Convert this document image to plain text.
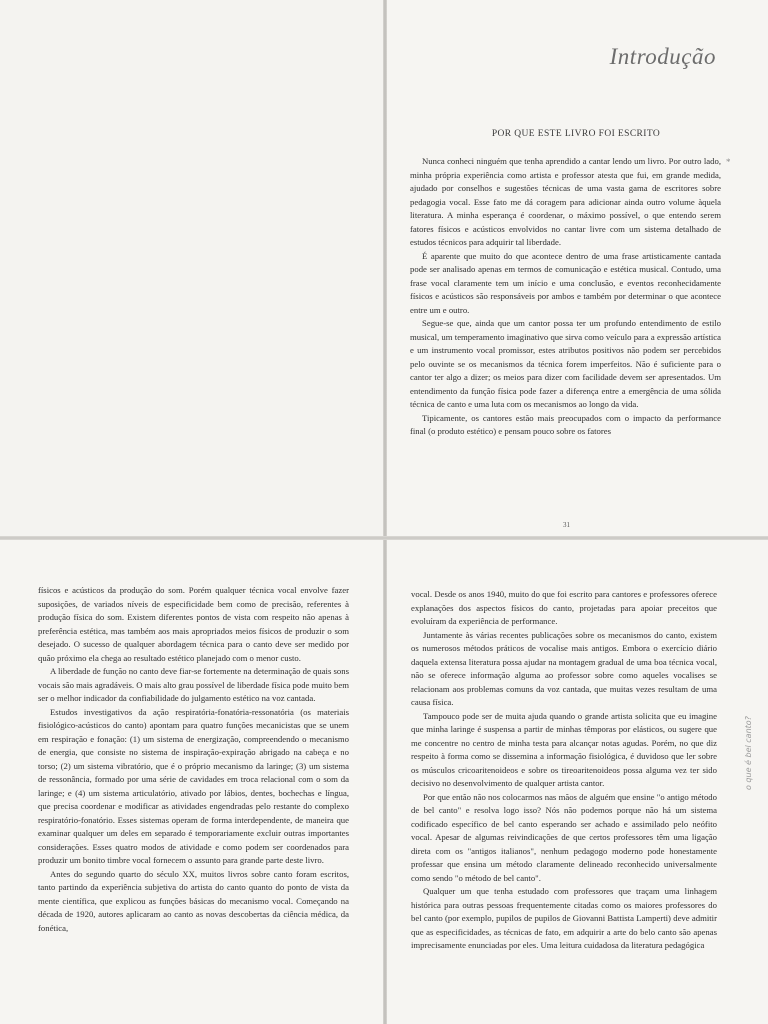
Introdução
POR QUE ESTE LIVRO FOI ESCRITO

Nunca conheci ninguém que tenha aprendido a cantar lendo um livro. Por outro lado, minha própria experiência como artista e professor atesta que fui, em grande medida, ajudado por conselhos e sugestões técnicas de uma vasta gama de escritores sobre pedagogia vocal. Esse fato me dá coragem para adicionar ainda outro volume àquela literatura. A minha esperança é coordenar, o máximo possível, o que entendo serem fatores físicos e acústicos envolvidos no cantar livre com um sistema detalhado de estudos técnicos para adquirir tal liberdade.

É aparente que muito do que acontece dentro de uma frase artisticamente cantada pode ser analisado apenas em termos de comunicação e estética musical. Contudo, uma frase vocal claramente tem um início e uma conclusão, e eventos reconhecidamente físicos e acústicos são responsáveis por ambos e também por determinar o que acontece entre um e outro.

Segue-se que, ainda que um cantor possa ter um profundo entendimento de estilo musical, um temperamento imaginativo que sirva como veículo para a expressão artística e um instrumento vocal promissor, estes atributos positivos não podem ser percebidos pelo ouvinte se os mecanismos da técnica forem imperfeitos. Não é suficiente para o cantor ter algo a dizer; os meios para dizer com facilidade devem ser apresentados. Um entendimento da função física pode fazer a diferença entre a emergência de uma sólida técnica de canto e uma luta com os mecanismos ao longo da vida.

Tipicamente, os cantores estão mais preocupados com o impacto da performance final (o produto estético) e pensam pouco sobre os fatores

físicos e acústicos da produção do som. Porém qualquer técnica vocal envolve fazer suposições, de variados níveis de especificidade bem como de precisão, referentes à produção física do som. Existem diferentes pontos de vista com respeito não apenas à preferência estética, mas também aos mais apropriados meios físicos de produzir o som desejado. O sucesso de qualquer abordagem técnica para o canto deve ser medido por quão próximo ela chega ao resultado estético planejado com o menor custo.

A liberdade de função no canto deve fiar-se fortemente na determinação de quais sons vocais são mais agradáveis. O mais alto grau possível de liberdade física pode muito bem ser o melhor indicador da confiabilidade do julgamento estético na voz cantada.

Estudos investigativos da ação respiratória-fonatória-ressonatória (os materiais fisiológico-acústicos do canto) apontam para quatro funções mecanicistas que se unem em respiração e fonação: (1) um sistema de energização, compreendendo o mecanismo de energia, que consiste no sistema de inspiração-expiração abrigado na cabeça e no torso; (2) um sistema vibratório, que é o próprio mecanismo da laringe; (3) um sistema de ressonância, formado por uma série de cavidades em troca relacional com o som da laringe; e (4) um sistema articulatório, ativado por lábios, dentes, bochechas e língua, que precisa coordenar e modificar as atividades engendradas pelo restante do complexo respiratório-fonatório. Esses sistemas operam de forma interdependente, de maneira que examinar qualquer um deles em separado é temporariamente excluir outras importantes considerações. Esses quatro modos de atividade e como podem ser coordenados para produzir um bonito timbre vocal fornecem o assunto para grande parte deste livro.

Antes do segundo quarto do século XX, muitos livros sobre canto foram escritos, tanto partindo da experiência subjetiva do artista do canto quanto do ponto de vista da mente científica, que explicou as funções básicas do mecanismo vocal. Começando na década de 1920, autores aplicaram ao canto as novas descobertas da ciência médica, da fonética,

vocal. Desde os anos 1940, muito do que foi escrito para cantores e professores oferece explanações dos aspectos físicos do canto, projetadas para apoiar preceitos que evoluíram da experiência de performance.

Juntamente às várias recentes publicações sobre os mecanismos do canto, existem os numerosos métodos práticos de vocalise mais antigos. Embora o exercício diário daquela extensa literatura possa ajudar na montagem gradual de uma boa técnica vocal, não se oferece informação alguma ao professor sobre como aqueles vocalises se relacionam aos problemas comuns da voz cantada, que muitas vezes resultam de uma causa física.

Tampouco pode ser de muita ajuda quando o grande artista solicita que eu imagine que minha laringe é suspensa a partir de minhas têmporas por elásticos, ou sugere que me concentre no centro de minha testa para alcançar notas agudas. Porém, no que diz respeito à forma como se dissemina a informação fisiológica, é duvidoso que ler sobre os músculos cricoaritenoideos e sobre os tireoaritenoideos possa alguma vez ter sido decisivo no desenvolvimento de qualquer artista cantor.

Por que então não nos colocarmos nas mãos de alguém que ensine "o antigo método de bel canto" e resolva logo isso? Nós não podemos porque não há um sistema codificado específico de bel canto esperando ser achado e assimilado pelo neófito vocal. Apesar de algumas reivindicações de que certos professores têm uma ligação direta com os "antigos italianos", nenhum pedagogo moderno pode honestamente professar que ensina um método claramente delineado reconhecido universalmente como sendo "o método de bel canto".

Qualquer um que tenha estudado com professores que traçam uma linhagem histórica para outras pessoas frequentemente citadas como os maiores professores do bel canto (por exemplo, pupilos de pupilos de Giovanni Battista Lamperti) deve admitir que as especificidades, as técnicas de fato, em adquirir a arte do belo canto são apenas imprecisamente enunciadas por eles. Uma leitura cuidadosa da literatura pedagógica

31
*
o que é bel canto?
